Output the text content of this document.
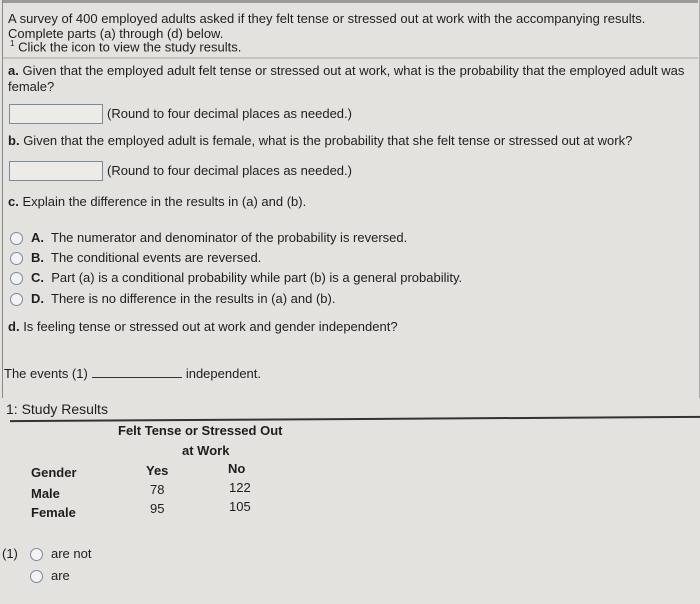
A survey of 400 employed adults asked if they felt tense or stressed out at work with the accompanying results.
Complete parts (a) through (d) below.
$^1$ Click the icon to view the study results.
a. Given that the employed adult felt tense or stressed out at work, what is the probability that the employed adult was female?
(Round to four decimal places as needed.)
b. Given that the employed adult is female, what is the probability that she felt tense or stressed out at work?
(Round to four decimal places as needed.)
c. Explain the difference in the results in (a) and (b).
A. The numerator and denominator of the probability is reversed.
B. The conditional events are reversed.
C. Part (a) is a conditional probability while part (b) is a general probability.
D. There is no difference in the results in (a) and (b).
d. Is feeling tense or stressed out at work and gender independent?
The events (1)	independent.
1: Study Results
Felt Tense or Stressed Out
at Work
Gender	Yes	No
Male	78	122
Female	95	105
(1)	are not
are
